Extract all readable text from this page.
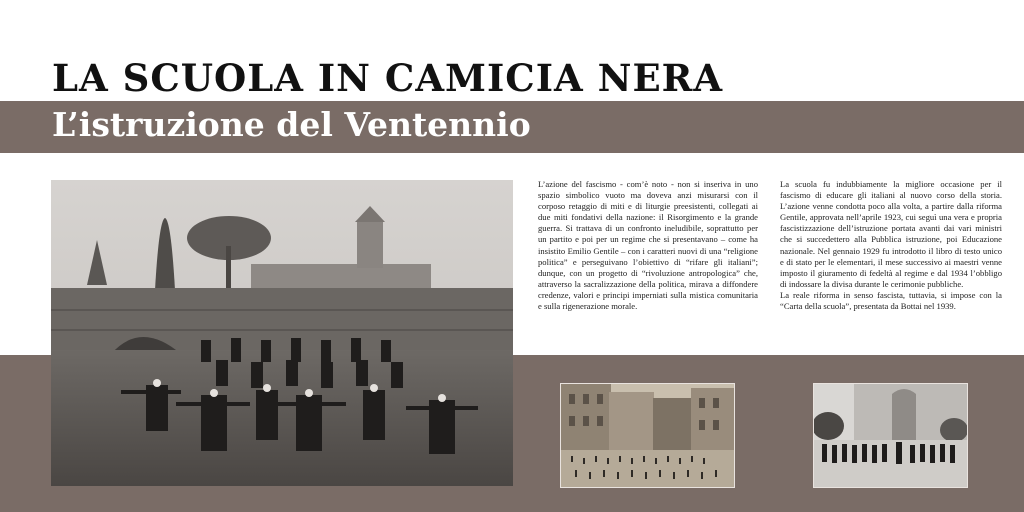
LA SCUOLA IN CAMICIA NERA
L’istruzione del Ventennio

L’azione del fascismo - com’è noto - non si inseriva in uno spazio simbolico vuoto ma doveva anzi misurarsi con il corposo retaggio di miti e di liturgie preesistenti, collegati ai due miti fondativi della nazione: il Risorgimento e la grande guerra. Si trattava di un confronto ineludibile, soprattutto per un partito e poi per un regime che si presentavano – come ha insistito Emilio Gentile – con i caratteri nuovi di una “religione politica” e perseguivano l’obiettivo di “rifare gli italiani”; dunque, con un progetto di “rivoluzione antropologica” che, attraverso la sacralizzazione della politica, mirava a diffondere credenze, valori e principi imperniati sulla mistica comunitaria e sulla rigenerazione morale.

La scuola fu indubbiamente la migliore occasione per il fascismo di educare gli italiani al nuovo corso della storia. L’azione venne condotta poco alla volta, a partire dalla riforma Gentile, approvata nell’aprile 1923, cui seguì una vera e propria fascistizzazione dell’istruzione portata avanti dai vari ministri che si succedettero alla Pubblica istruzione, poi Educazione nazionale. Nel gennaio 1929 fu introdotto il libro di testo unico e di stato per le elementari, il mese successivo ai maestri venne imposto il giuramento di fedeltà al regime e dal 1934 l’obbligo di indossare la divisa durante le cerimonie pubbliche.

La reale riforma in senso fascista, tuttavia, si impose con la “Carta della scuola”, presentata da Bottai nel 1939.
